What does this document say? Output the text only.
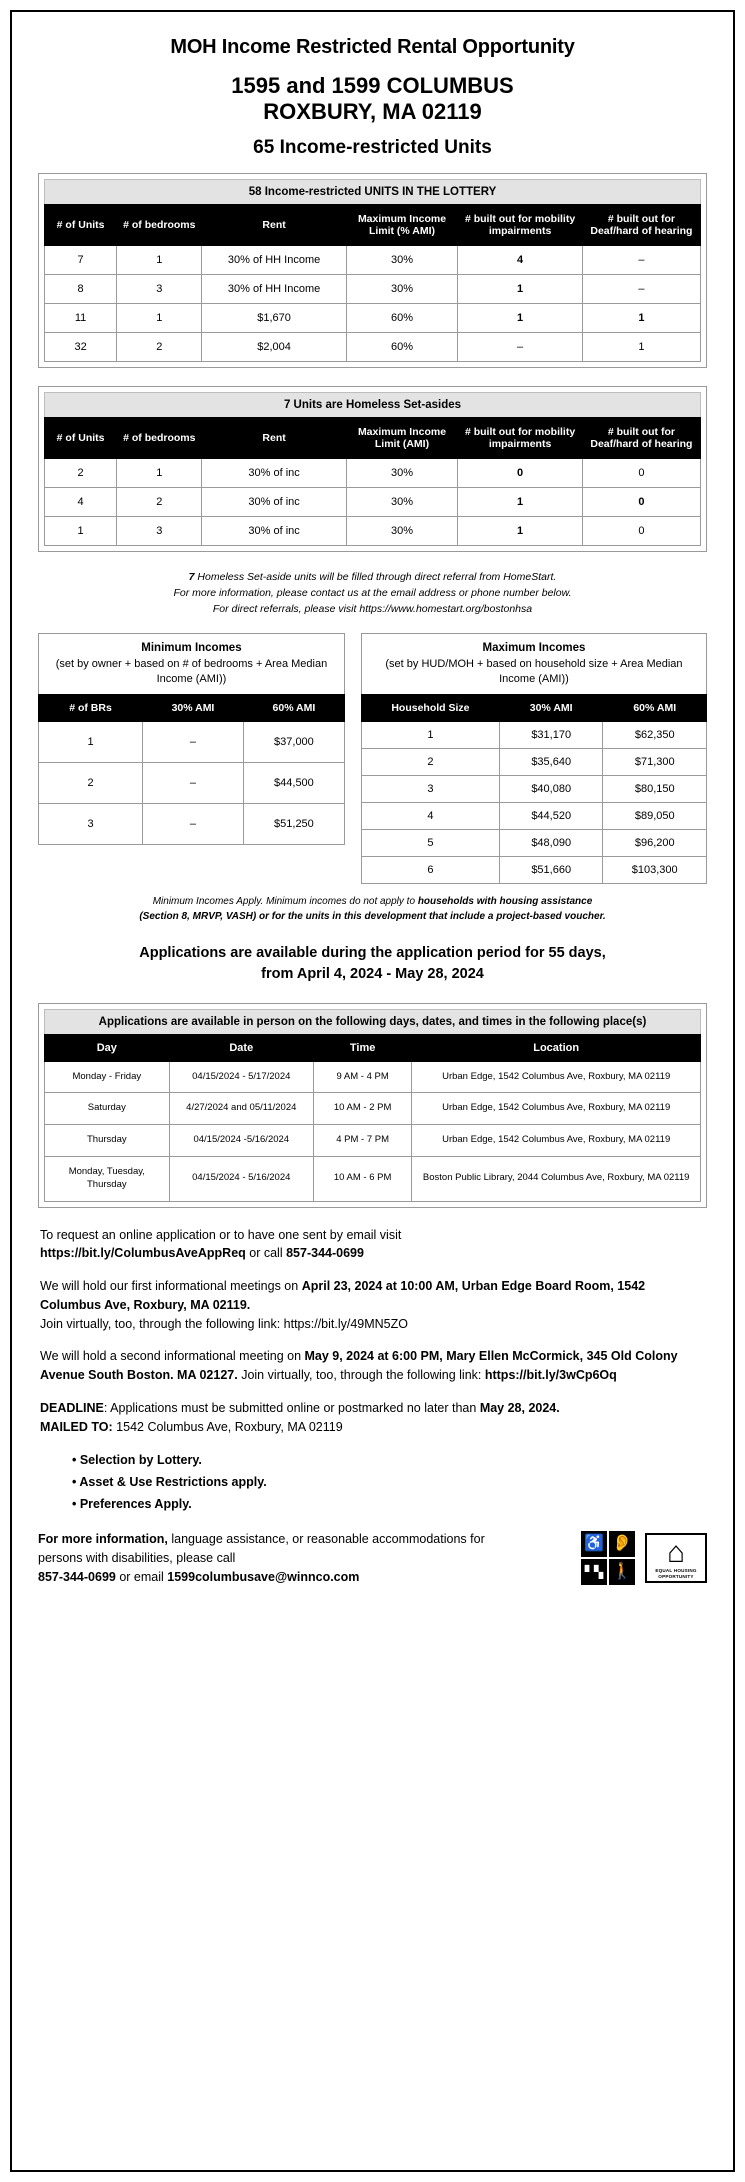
MOH Income Restricted Rental Opportunity
1595 and 1599 COLUMBUS
ROXBURY, MA 02119
65 Income-restricted Units
58 Income-restricted UNITS IN THE LOTTERY
# of Units	# of bedrooms	Rent	Maximum Income Limit (% AMI)	# built out for mobility impairments	# built out for Deaf/hard of hearing
7	1	30% of HH Income	30%	4	–
8	3	30% of HH Income	30%	1	–
11	1	$1,670	60%	1	1
32	2	$2,004	60%	–	1
7 Units are Homeless Set-asides
# of Units	# of bedrooms	Rent	Maximum Income Limit (AMI)	# built out for mobility impairments	# built out for Deaf/hard of hearing
2	1	30% of inc	30%	0	0
4	2	30% of inc	30%	1	0
1	3	30% of inc	30%	1	0
7 Homeless Set-aside units will be filled through direct referral from HomeStart.
For more information, please contact us at the email address or phone number below.
For direct referrals, please visit https://www.homestart.org/bostonhsa
Minimum Incomes
(set by owner + based on # of bedrooms + Area Median Income (AMI))
# of BRs	30% AMI	60% AMI
1	–	$37,000
2	–	$44,500
3	–	$51,250
Maximum Incomes
(set by HUD/MOH + based on household size + Area Median Income (AMI))
Household Size	30% AMI	60% AMI
1	$31,170	$62,350
2	$35,640	$71,300
3	$40,080	$80,150
4	$44,520	$89,050
5	$48,090	$96,200
6	$51,660	$103,300
Minimum Incomes Apply. Minimum incomes do not apply to households with housing assistance
(Section 8, MRVP, VASH) or for the units in this development that include a project-based voucher.
Applications are available during the application period for 55 days,
from April 4, 2024 - May 28, 2024
Applications are available in person on the following days, dates, and times in the following place(s)
Day	Date	Time	Location
Monday - Friday	04/15/2024 - 5/17/2024	9 AM - 4 PM	Urban Edge, 1542 Columbus Ave, Roxbury, MA 02119
Saturday	4/27/2024 and 05/11/2024	10 AM - 2 PM	Urban Edge, 1542 Columbus Ave, Roxbury, MA 02119
Thursday	04/15/2024 -5/16/2024	4 PM - 7 PM	Urban Edge, 1542 Columbus Ave, Roxbury, MA 02119
Monday, Tuesday, Thursday	04/15/2024 - 5/16/2024	10 AM - 6 PM	Boston Public Library, 2044 Columbus Ave, Roxbury, MA 02119
To request an online application or to have one sent by email visit
https://bit.ly/ColumbusAveAppReq or call 857-344-0699
We will hold our first informational meetings on April 23, 2024 at 10:00 AM, Urban Edge Board Room, 1542 Columbus Ave, Roxbury, MA 02119.
Join virtually, too, through the following link: https://bit.ly/49MN5ZO
We will hold a second informational meeting on May 9, 2024 at 6:00 PM, Mary Ellen McCormick, 345 Old Colony Avenue South Boston. MA 02127. Join virtually, too, through the following link: https://bit.ly/3wCp6Oq
DEADLINE: Applications must be submitted online or postmarked no later than May 28, 2024.
MAILED TO: 1542 Columbus Ave, Roxbury, MA 02119
• Selection by Lottery.
• Asset & Use Restrictions apply.
• Preferences Apply.
For more information, language assistance, or reasonable accommodations for persons with disabilities, please call
857-344-0699 or email 1599columbusave@winnco.com
♿ 👂
▘▚ 🚶
⌂
EQUAL HOUSING OPPORTUNITY
